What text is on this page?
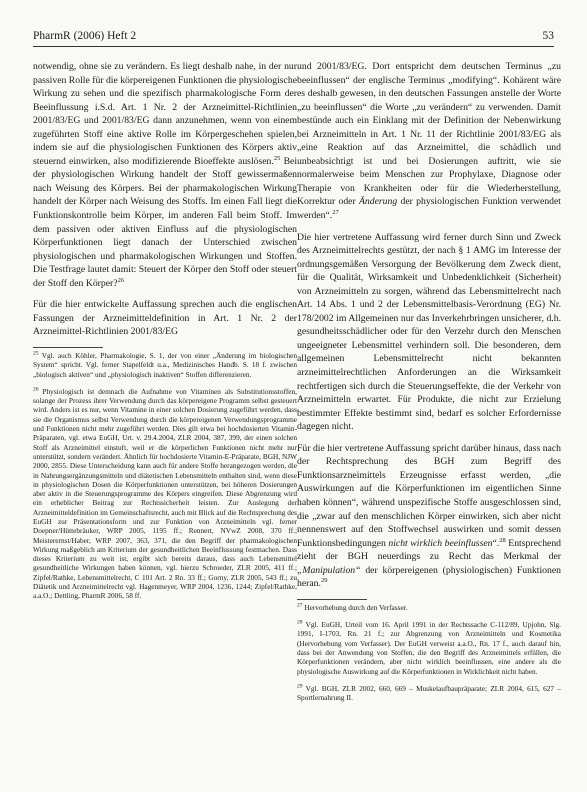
PharmR (2006) Heft 2	53

notwendig, ohne sie zu verändern. Es liegt deshalb nahe, in der nur passiven Rolle für die körpereigenen Funktionen die physiologische Wirkung zu sehen und die spezifisch pharmakologische Form der Beeinflussung i.S.d. Art. 1 Nr. 2 der Arzneimittel-Richtlinien 2001/83/EG und 2001/83/EG dann anzunehmen, wenn von einem zugeführten Stoff eine aktive Rolle im Körpergeschehen spielen, indem sie auf die physiologischen Funktionen des Körpers aktiv steuernd einwirken, also modifizierende Bioeffekte auslösen.$^{25}$ Bei der physiologischen Wirkung handelt der Stoff gewissermaßen nach Weisung des Körpers. Bei der pharmakologischen Wirkung handelt der Körper nach Weisung des Stoffs. Im einen Fall liegt die Funktionskontrolle beim Körper, im anderen Fall beim Stoff. Im dem passiven oder aktiven Einfluss auf die physiologischen Körperfunktionen liegt danach der Unterschied zwischen physiologischen und pharmakologischen Wirkungen und Stoffen. Die Testfrage lautet damit: Steuert der Körper den Stoff oder steuert der Stoff den Körper?$^{26}$

Für die hier entwickelte Auffassung sprechen auch die englischen Fassungen der Arzneimitteldefinition in Art. 1 Nr. 2 der Arzneimittel-Richtlinien 2001/83/EG

$^{25}$ Vgl. auch Köhler, Pharmakologie, S. 1, der von einer „Änderung im biologischen System“ spricht. Vgl. ferner Stapelfeldt u.a., Medizinisches Handb. S. 18 f. zwischen „biologisch aktiven“ und „physiologisch inaktiven“ Stoffen differenzieren.

$^{26}$ Physiologisch ist demnach die Aufnahme von Vitaminen als Substitutionsstoffen, solange der Prozess ihrer Verwendung durch das körpereigene Programm selbst gesteuert wird. Anders ist es nur, wenn Vitamine in einer solchen Dosierung zugeführt werden, dass sie die Organismus selbst Verwendung durch die körpereigenen Verwendungsprogramme und Funktionen nicht mehr zugeführt werden. Dies gilt etwa bei hochdosierten Vitamin-Präparaten, vgl. etwa EuGH, Urt. v. 29.4.2004, ZLR 2004, 387, 399, der einen solchen Stoff als Arzneimittel einstuft, weil er die körperlichen Funktionen nicht mehr nur unterstützt, sondern verändert. Ähnlich für hochdosierte Vitamin-E-Präparate, BGH, NJW 2000, 2855. Diese Unterscheidung kann auch für andere Stoffe herangezogen werden, die in Nahrungsergänzungsmitteln und diätetischen Lebensmitteln enthalten sind, wenn diese in physiologischen Dosen die Körperfunktionen unterstützen, bei höheren Dosierungen aber aktiv in die Steuerungsprogramme des Körpers eingreifen. Diese Abgrenzung wird ein erheblicher Beitrag zur Rechtssicherheit leisten. Zur Auslegung der Arzneimitteldefinition im Gemeinschaftsrecht, auch mit Blick auf die Rechtsprechung des EuGH zur Präsentationsform und zur Funktion von Arzneimitteln vgl. ferner Doepner/Hüttebräuker, WRP 2005, 1195 ff.; Rennert, NVwZ 2008, 370 ff.; Meisterernst/Haber, WRP 2007, 363, 371, die den Begriff der pharmakologischen Wirkung maßgeblich am Kriterium der gesundheitlichen Beeinflussung festmachen. Dass dieses Kriterium zu weit ist, ergibt sich bereits daraus, dass auch Lebensmittel gesundheitliche Wirkungen haben können, vgl. hierzu Schroeder, ZLR 2005, 411 ff.; Zipfel/Rathke, Lebensmittelrecht, C 101 Art. 2 Rn. 33 ff.; Gorny, ZLR 2005, 543 ff.; zu Diätetik und Arzneimittelrecht vgl. Hagenmeyer, WRP 2004, 1236, 1244; Zipfel/Rathke, a.a.O.; Dettling, PharmR 2006, 58 ff.

und 2001/83/EG. Dort entspricht dem deutschen Terminus „zu beeinflussen“ der englische Terminus „modifying“. Kohärent wäre es deshalb gewesen, in den deutschen Fassungen anstelle der Worte „zu beeinflussen“ die Worte „zu verändern“ zu verwenden. Damit bestünde auch ein Einklang mit der Definition der Nebenwirkung bei Arzneimitteln in Art. 1 Nr. 11 der Richtlinie 2001/83/EG als „eine Reaktion auf das Arzneimittel, die schädlich und unbeabsichtigt ist und bei Dosierungen auftritt, wie sie normalerweise beim Menschen zur Prophylaxe, Diagnose oder Therapie von Krankheiten oder für die Wiederherstellung, Korrektur oder Änderung der physiologischen Funktion verwendet werden“.$^{27}$

Die hier vertretene Auffassung wird ferner durch Sinn und Zweck des Arzneimittelrechts gestützt, der nach § 1 AMG im Interesse der ordnungsgemäßen Versorgung der Bevölkerung dem Zweck dient, für die Qualität, Wirksamkeit und Unbedenklichkeit (Sicherheit) von Arzneimitteln zu sorgen, während das Lebensmittelrecht nach Art. 14 Abs. 1 und 2 der Lebensmittelbasis-Verordnung (EG) Nr. 178/2002 im Allgemeinen nur das Inverkehrbringen unsicherer, d.h. gesundheitsschädlicher oder für den Verzehr durch den Menschen ungeeigneter Lebensmittel verhindern soll. Die besonderen, dem allgemeinen Lebensmittelrecht nicht bekannten arzneimittelrechtlichen Anforderungen an die Wirksamkeit rechtfertigen sich durch die Steuerungseffekte, die der Verkehr von Arzneimitteln erwartet. Für Produkte, die nicht zur Erzielung bestimmter Effekte bestimmt sind, bedarf es solcher Erfordernisse dagegen nicht.

Für die hier vertretene Auffassung spricht darüber hinaus, dass nach der Rechtsprechung des BGH zum Begriff des Funktionsarzneimittels Erzeugnisse erfasst werden, „die Auswirkungen auf die Körperfunktionen im eigentlichen Sinne haben können“, während unspezifische Stoffe ausgeschlossen sind, die „zwar auf den menschlichen Körper einwirken, sich aber nicht nennenswert auf den Stoffwechsel auswirken und somit dessen Funktionsbedingungen nicht wirklich beeinflussen“.$^{28}$ Entsprechend zieht der BGH neuerdings zu Recht das Merkmal der „Manipulation“ der körpereigenen (physiologischen) Funktionen heran.$^{29}$

$^{27}$ Hervorhebung durch den Verfasser.

$^{28}$ Vgl. EuGH, Urteil vom 16. April 1991 in der Rechtssache C-112/89, Upjohn, Slg. 1991, I-1703, Rn. 21 f.; zur Abgrenzung von Arzneimitteln und Kosmetika (Hervorhebung vom Verfasser). Der EuGH verweist a.a.O., Rn. 17 f., auch darauf hin, dass bei der Anwendung von Stoffen, die den Begriff des Arzneimittels erfüllen, die Körperfunktionen verändern, aber nicht wirklich beeinflussen, eine andere als die physiologische Auswirkung auf die Körperfunktionen in Wirklichkeit nicht haben.

$^{29}$ Vgl. BGH, ZLR 2002, 660, 669 – Muskelaufbaupräparate; ZLR 2004, 615, 627 – Sportlernahrung II.
